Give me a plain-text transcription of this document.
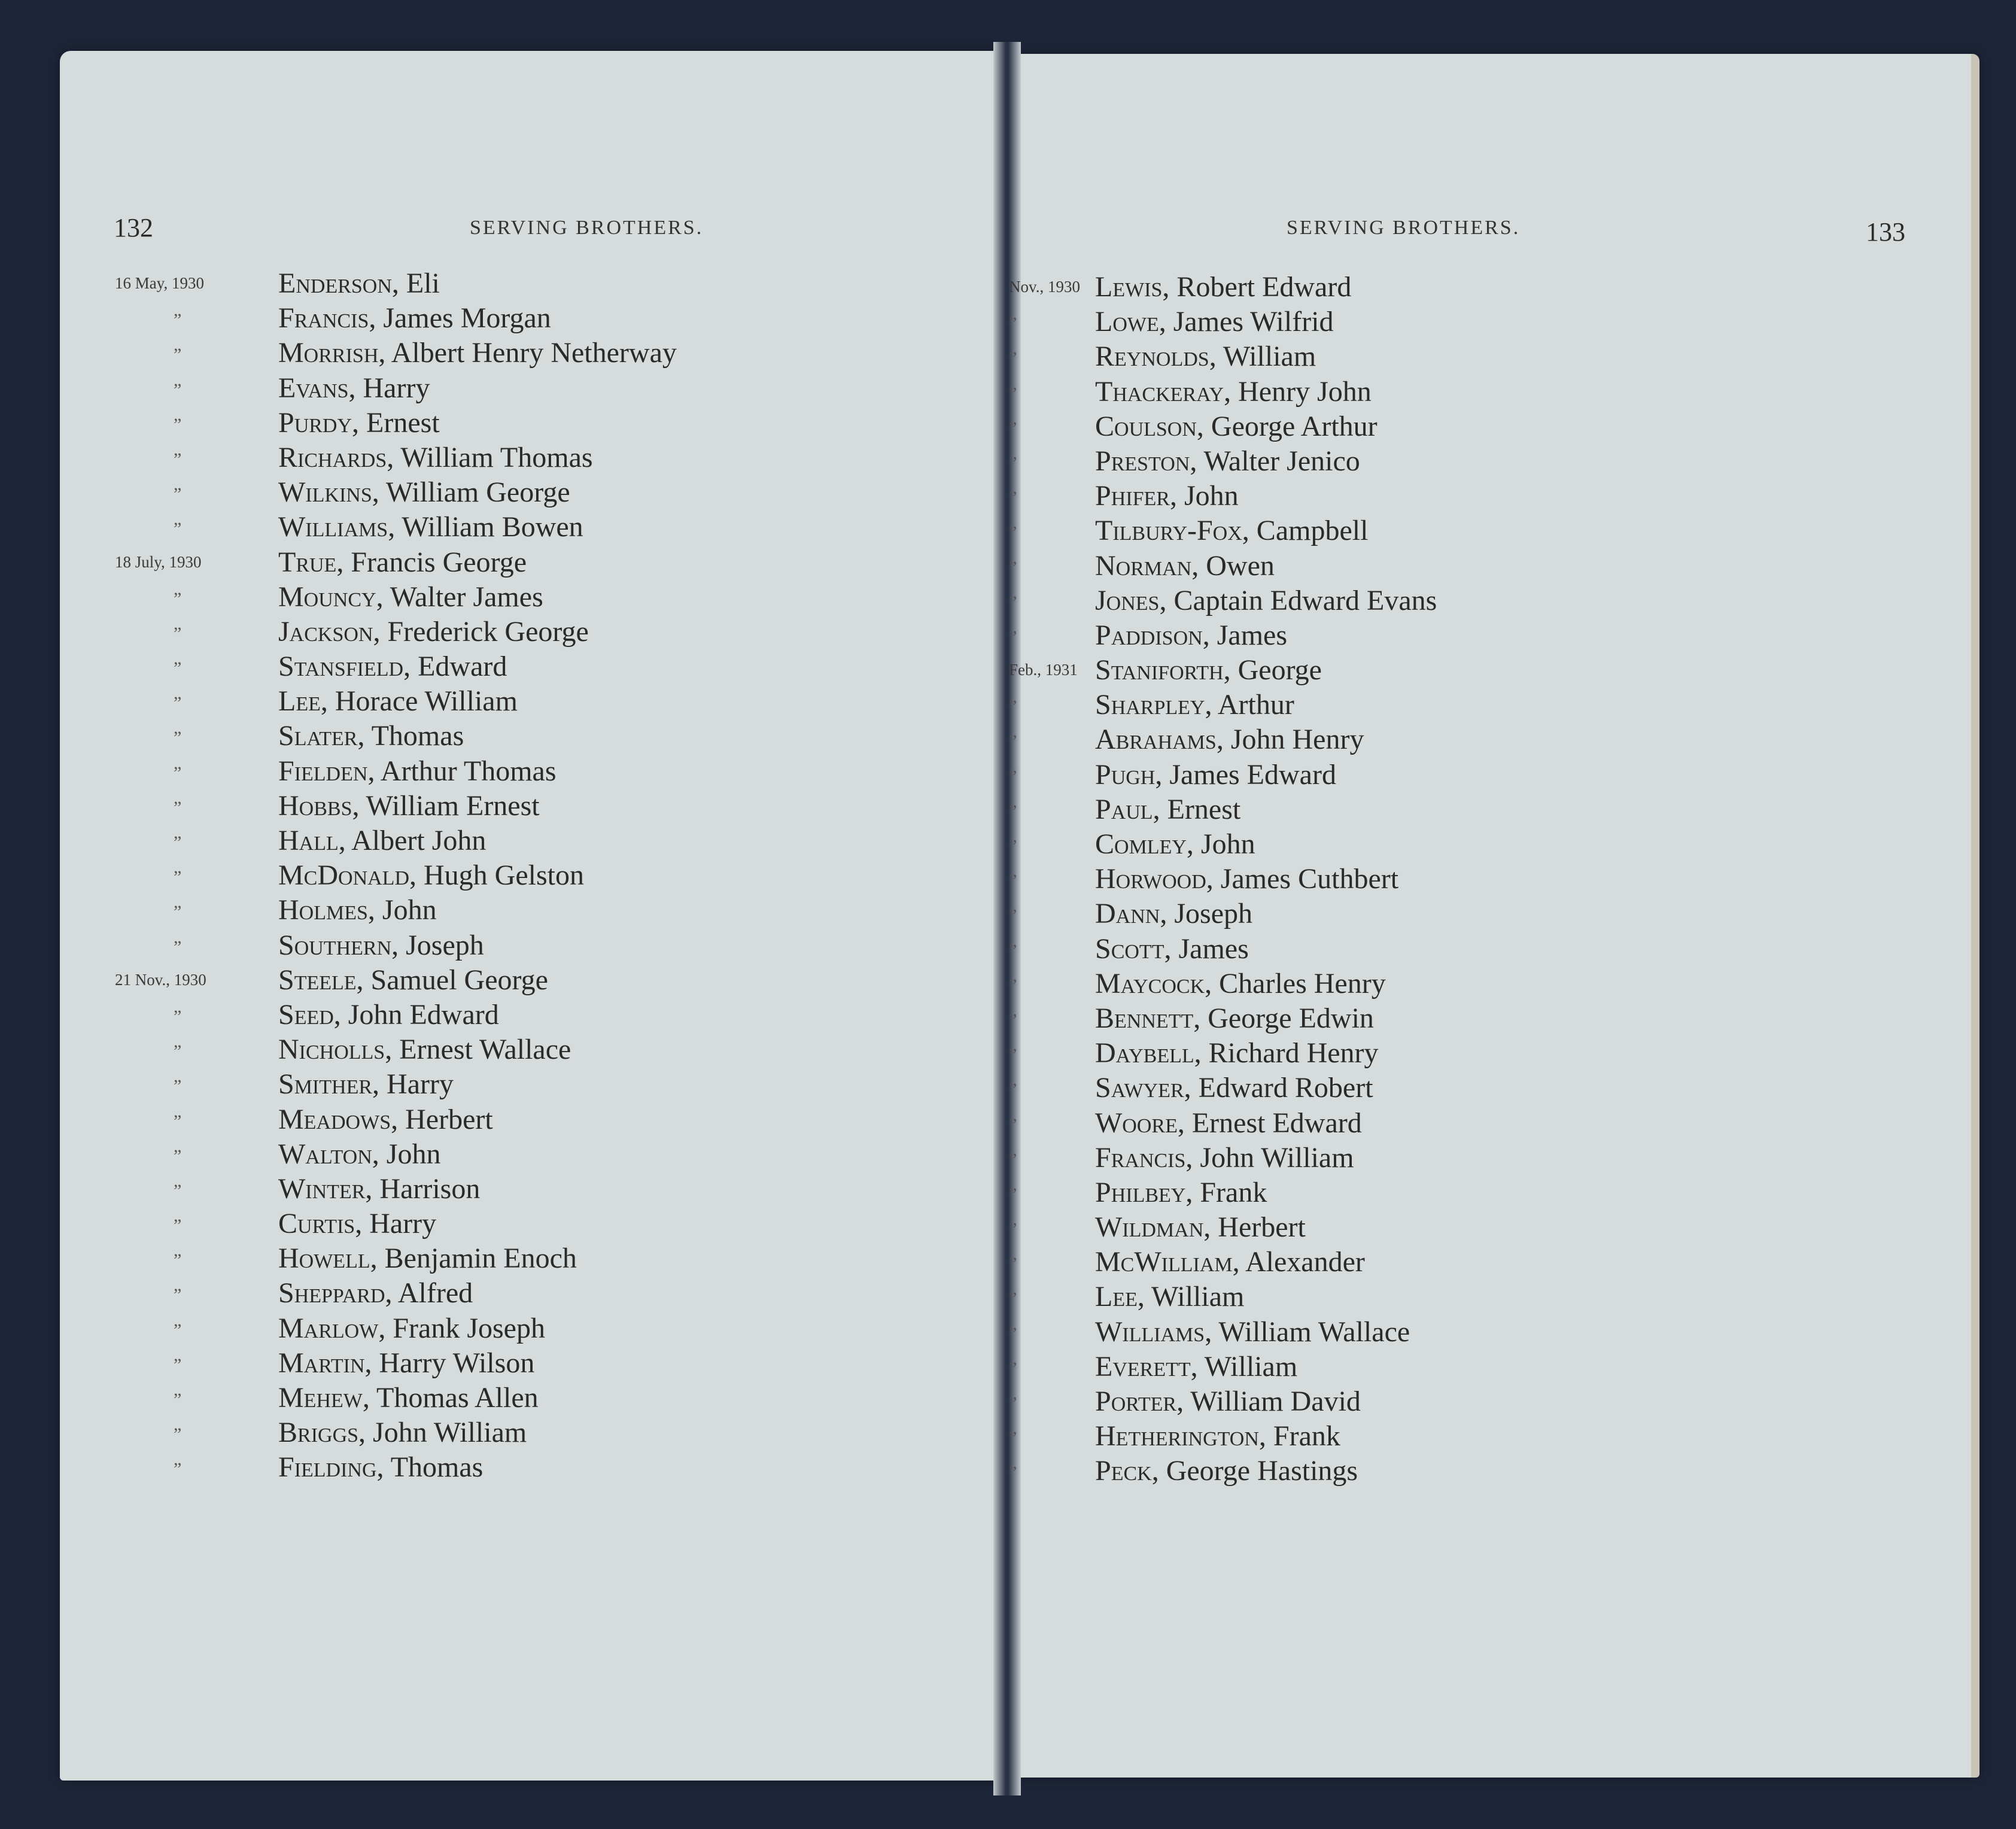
132	SERVING BROTHERS.	SERVING BROTHERS.	133
16 May, 1930	Enderson, Eli
”	Francis, James Morgan
”	Morrish, Albert Henry Netherway
”	Evans, Harry
”	Purdy, Ernest
”	Richards, William Thomas
”	Wilkins, William George
”	Williams, William Bowen
18 July, 1930	True, Francis George
”	Mouncy, Walter James
”	Jackson, Frederick George
”	Stansfield, Edward
”	Lee, Horace William
”	Slater, Thomas
”	Fielden, Arthur Thomas
”	Hobbs, William Ernest
”	Hall, Albert John
”	McDonald, Hugh Gelston
”	Holmes, John
”	Southern, Joseph
21 Nov., 1930	Steele, Samuel George
”	Seed, John Edward
”	Nicholls, Ernest Wallace
”	Smither, Harry
”	Meadows, Herbert
”	Walton, John
”	Winter, Harrison
”	Curtis, Harry
”	Howell, Benjamin Enoch
”	Sheppard, Alfred
”	Marlow, Frank Joseph
”	Martin, Harry Wilson
”	Mehew, Thomas Allen
”	Briggs, John William
”	Fielding, Thomas
Nov., 1930 Lewis, Robert Edward
”	Lowe, James Wilfrid
”	Reynolds, William
”	Thackeray, Henry John
”	Coulson, George Arthur
”	Preston, Walter Jenico
”	Phifer, John
”	Tilbury-Fox, Campbell
”	Norman, Owen
”	Jones, Captain Edward Evans
”	Paddison, James
Feb., 1931 Staniforth, George
”	Sharpley, Arthur
”	Abrahams, John Henry
”	Pugh, James Edward
”	Paul, Ernest
”	Comley, John
”	Horwood, James Cuthbert
”	Dann, Joseph
”	Scott, James
”	Maycock, Charles Henry
”	Bennett, George Edwin
”	Daybell, Richard Henry
”	Sawyer, Edward Robert
”	Woore, Ernest Edward
”	Francis, John William
”	Philbey, Frank
”	Wildman, Herbert
”	McWilliam, Alexander
”	Lee, William
”	Williams, William Wallace
”	Everett, William
”	Porter, William David
”	Hetherington, Frank
”	Peck, George Hastings
